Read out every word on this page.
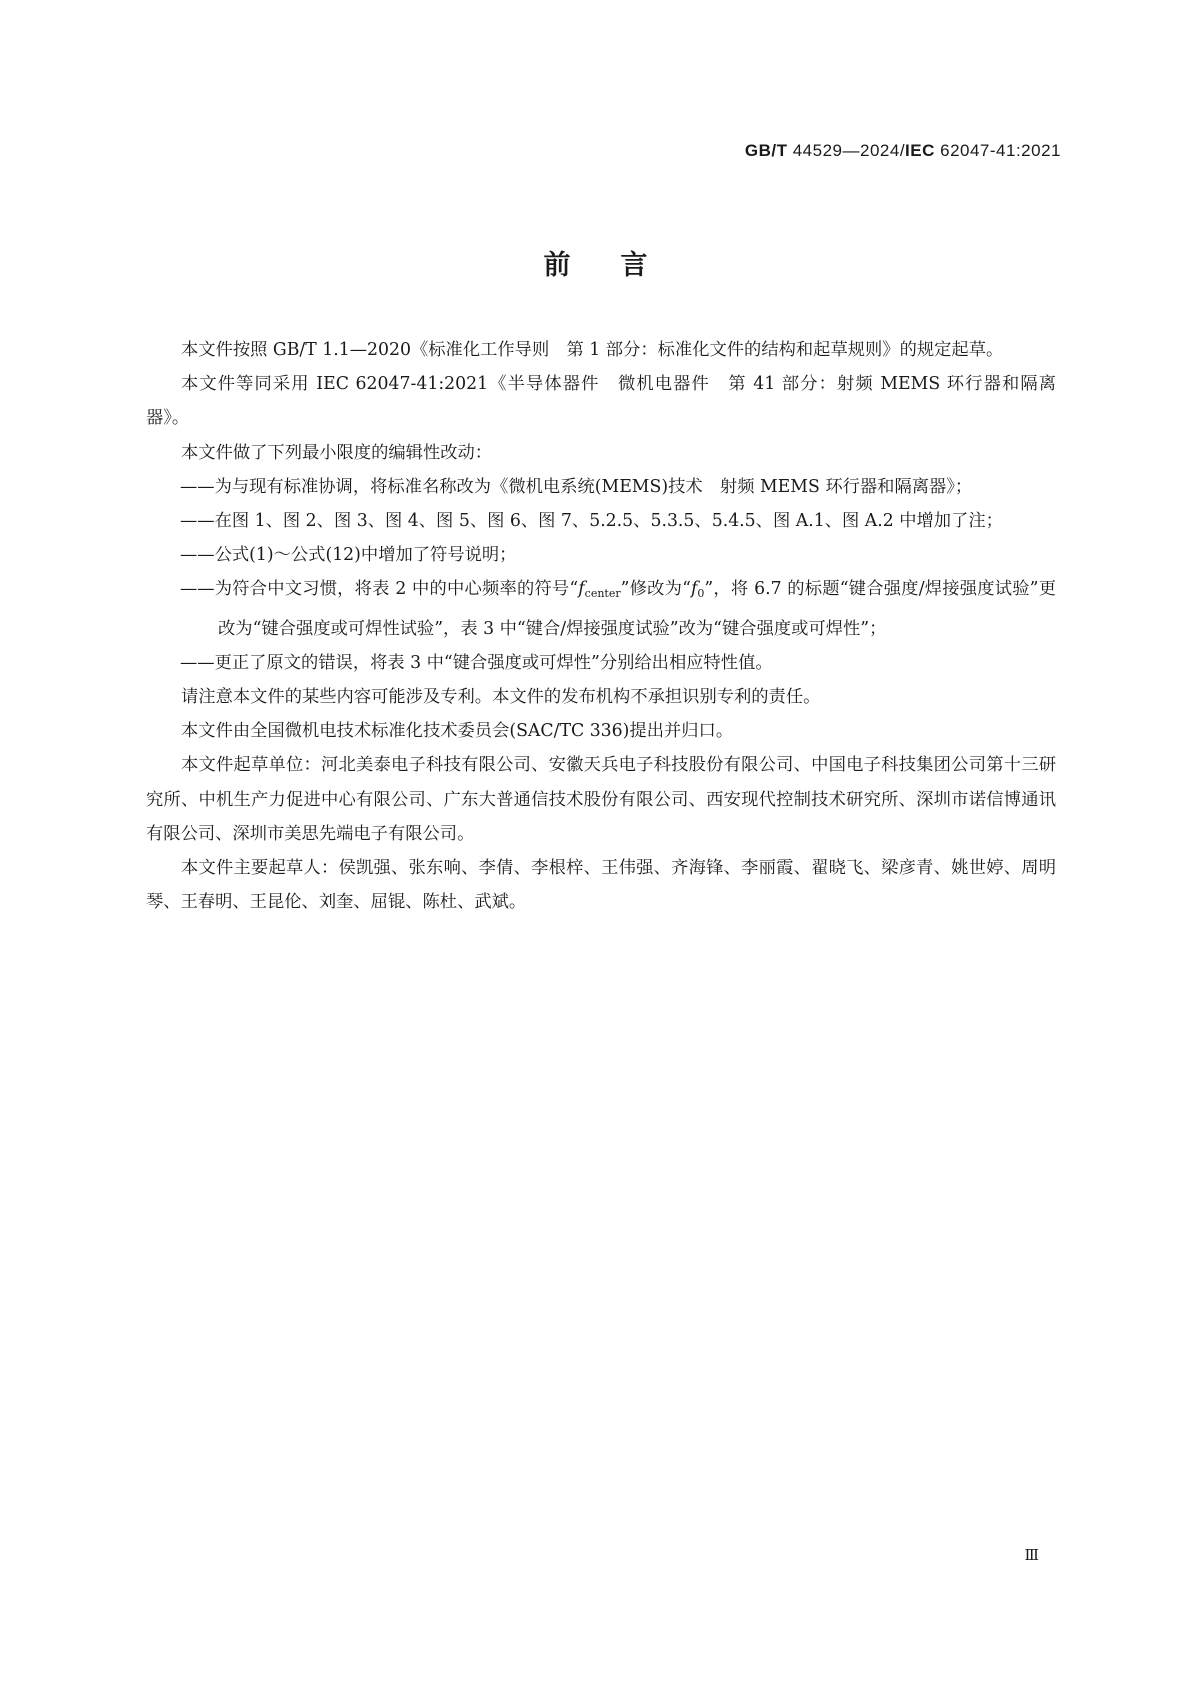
GB/T 44529—2024/IEC 62047-41:2021
前言

本文件按照 GB/T 1.1—2020《标准化工作导则　第 1 部分：标准化文件的结构和起草规则》的规定起草。

本文件等同采用 IEC 62047-41:2021《半导体器件　微机电器件　第 41 部分：射频 MEMS 环行器和隔离器》。

本文件做了下列最小限度的编辑性改动：

——为与现有标准协调，将标准名称改为《微机电系统(MEMS)技术　射频 MEMS 环行器和隔离器》；

——在图 1、图 2、图 3、图 4、图 5、图 6、图 7、5.2.5、5.3.5、5.4.5、图 A.1、图 A.2 中增加了注；

——公式(1)～公式(12)中增加了符号说明；

——为符合中文习惯，将表 2 中的中心频率的符号“$f_{center}$”修改为“$f_0$”，将 6.7 的标题“键合强度/焊接强度试验”更改为“键合强度或可焊性试验”，表 3 中“键合/焊接强度试验”改为“键合强度或可焊性”；

——更正了原文的错误，将表 3 中“键合强度或可焊性”分别给出相应特性值。

请注意本文件的某些内容可能涉及专利。本文件的发布机构不承担识别专利的责任。

本文件由全国微机电技术标准化技术委员会(SAC/TC 336)提出并归口。

本文件起草单位：河北美泰电子科技有限公司、安徽天兵电子科技股份有限公司、中国电子科技集团公司第十三研究所、中机生产力促进中心有限公司、广东大普通信技术股份有限公司、西安现代控制技术研究所、深圳市诺信博通讯有限公司、深圳市美思先端电子有限公司。

本文件主要起草人：侯凯强、张东响、李倩、李根梓、王伟强、齐海锋、李丽霞、翟晓飞、梁彦青、姚世婷、周明琴、王春明、王昆伦、刘奎、屈锟、陈杜、武斌。

Ⅲ
